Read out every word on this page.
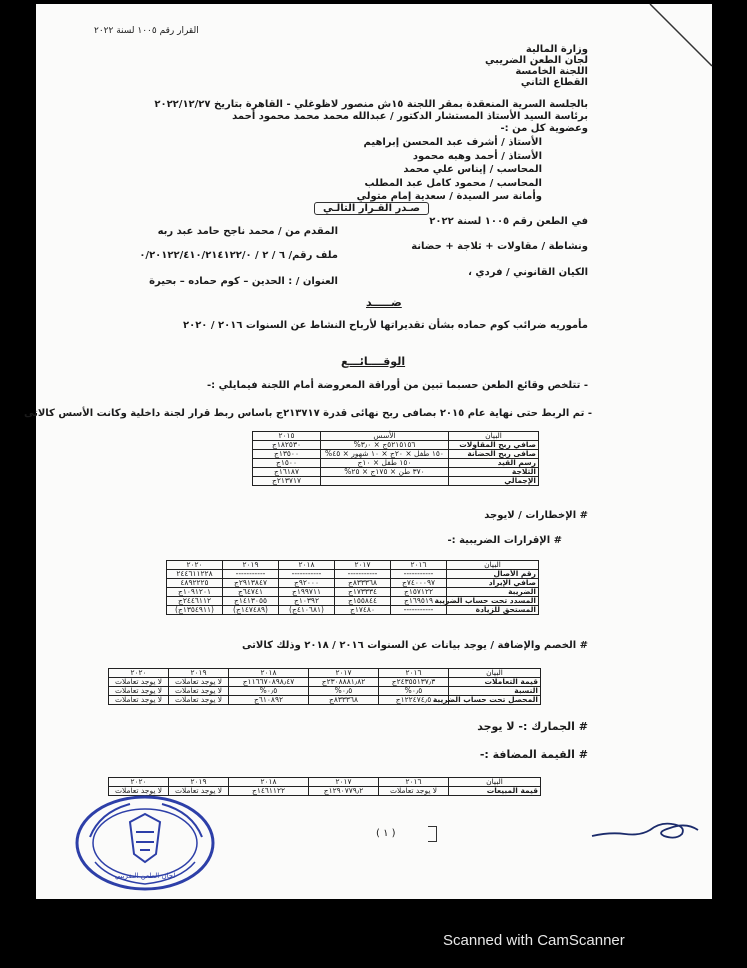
القرار رقم ١٠٠٥ لسنة ٢٠٢٢
وزارة المالية
لجان الطعن الضريبي
اللجنة الخامسة
القطاع الثاني
بالجلسة السرية المنعقدة بمقر اللجنة ١٥ش منصور لاظوغلي - القاهرة بتاريخ ٢٠٢٢/١٢/٢٧
برئاسة السيد الأستاذ المستشار الدكتور / عبدالله محمد محمد محمود أحمد
وعضوية كل من :-
الأستاذ / أشرف عبد المحسن إبراهيم
الأستاذ / أحمد وهبه محمود
المحاسب / إيناس علي محمد
المحاسب / محمود كامل عبد المطلب
وأمانة سر السيدة / سعدية إمام متولي
صـدر القـرار التالـي
في الطعن رقم ١٠٠٥ لسنة ٢٠٢٢
المقدم من / محمد ناجح حامد عبد ربه
ونشاطة / مقاولات + ثلاجة + حضانة
ملف رقم/ ٦ / ٢ / ٠/٢٠١٢٢/٤١٠/٢١٤١٢٢/٠
الكيان القانوني / فردي ،
العنوان / : الحدين – كوم حماده – بحيرة
ضـــــد
مأموريه ضرائب كوم حماده بشأن تقديراتها لأرباح النشاط عن السنوات ٢٠١٦ / ٢٠٢٠
الوقــــائـــع
- تتلخص وقائع الطعن حسبما تبين من أوراقة المعروضة أمام اللجنة فيمايلي :-
- تم الربط حتى نهاية عام ٢٠١٥ بصافى ربح نهائى قدرة ٢١٣٧١٧ج باساس ربط قرار لجنة داخلية وكانت الأسس كالاتى
البيان	الأسس	٢٠١٥
صافي ربح المقاولات	٥٢١٥١٥٦ج × ٣٫٠%	١٨٢٥٣٠ج
صافى ربح الحضانة	١٥٠ طفل × ٢٠ج × ١٠ شهور × ٤٥%	١٣٥٠٠ج
رسم القيد	١٥٠ طفل × ١٠ج	١٥٠٠ج
الثلاجة	٣٧٠ طن × ١٧٥ج × ٢٥%	١٦١٨٧ج
الإجمالي		٢١٣٧١٧ج
# الإخطارات / لايوجد
# الإقرارات الضريبية :-
البيان	٢٠١٦	٢٠١٧	٢٠١٨	٢٠١٩	٢٠٢٠
رقم الأصال	-----------	-----------	-----------	-----------	٢٤٤٦١١٢٢٨
صافي الإيراد	٧٤٠٠٠٩٧ج	٨٣٣٣٦٨ج	٩٢٠٠٠ج	٢٩١٣٨٤٧ج	٤٨٩٢٢٢٥
الضريبة	١٥٧١٢٢ج	١٧٣٣٣٤ج	١٩٩٧١١ج	٦٤٧٤١ج	١٠٩١٢٠١ج
المسدد تحت حساب الضريبة	١٦٩٥١٩ج	١٥٥٨٤٤ج	١٠٣٩٢ج	١٤١٣٠٥٥ج	٢٤٤٦١١٢ج
المستحق للزيادة	-----------	١٧٤٨٠ج	(٤١٠٦٨١ج)	(١٤٧٤٨٩ج)	(١٣٥٤٩١١ج)
# الخصم والإضافة / يوجد بيانات عن السنوات ٢٠١٦ / ٢٠١٨ وذلك كالاتى
البيان	٢٠١٦	٢٠١٧	٢٠١٨	٢٠١٩	٢٠٢٠
قيمة التعاملات	٢٤٣٥٥١٣٧٫٣ج	٢٣٠٨٨٨١٫٨٢ج	١١٦٦٧٠٨٩٨٫٤٧ج	لا يوجد تعاملات	لا يوجد تعاملات
النسبة	٠٫٥%	٠٫٥%	٠٫٥%	لا يوجد تعاملات	لا يوجد تعاملات
المحصل تحت حساب الضريبة	١٢٢٤٧٤٫٥ج	٨٣٣٣٦٨ج	٦١٠٨٩٢ج	لا يوجد تعاملات	لا يوجد تعاملات
# الجمارك :- لا يوجد
# القيمة المضافة :-
البيان	٢٠١٦	٢٠١٧	٢٠١٨	٢٠١٩	٢٠٢٠
قيمة المبيعات	لا يوجد تعاملات	١٢٩٠٧٧٩٫٢ج	١٤٦١١٢٢ج	لا يوجد تعاملات	لا يوجد تعاملات
( ١ )
لجان الطعن الضريبي
Scanned with CamScanner
